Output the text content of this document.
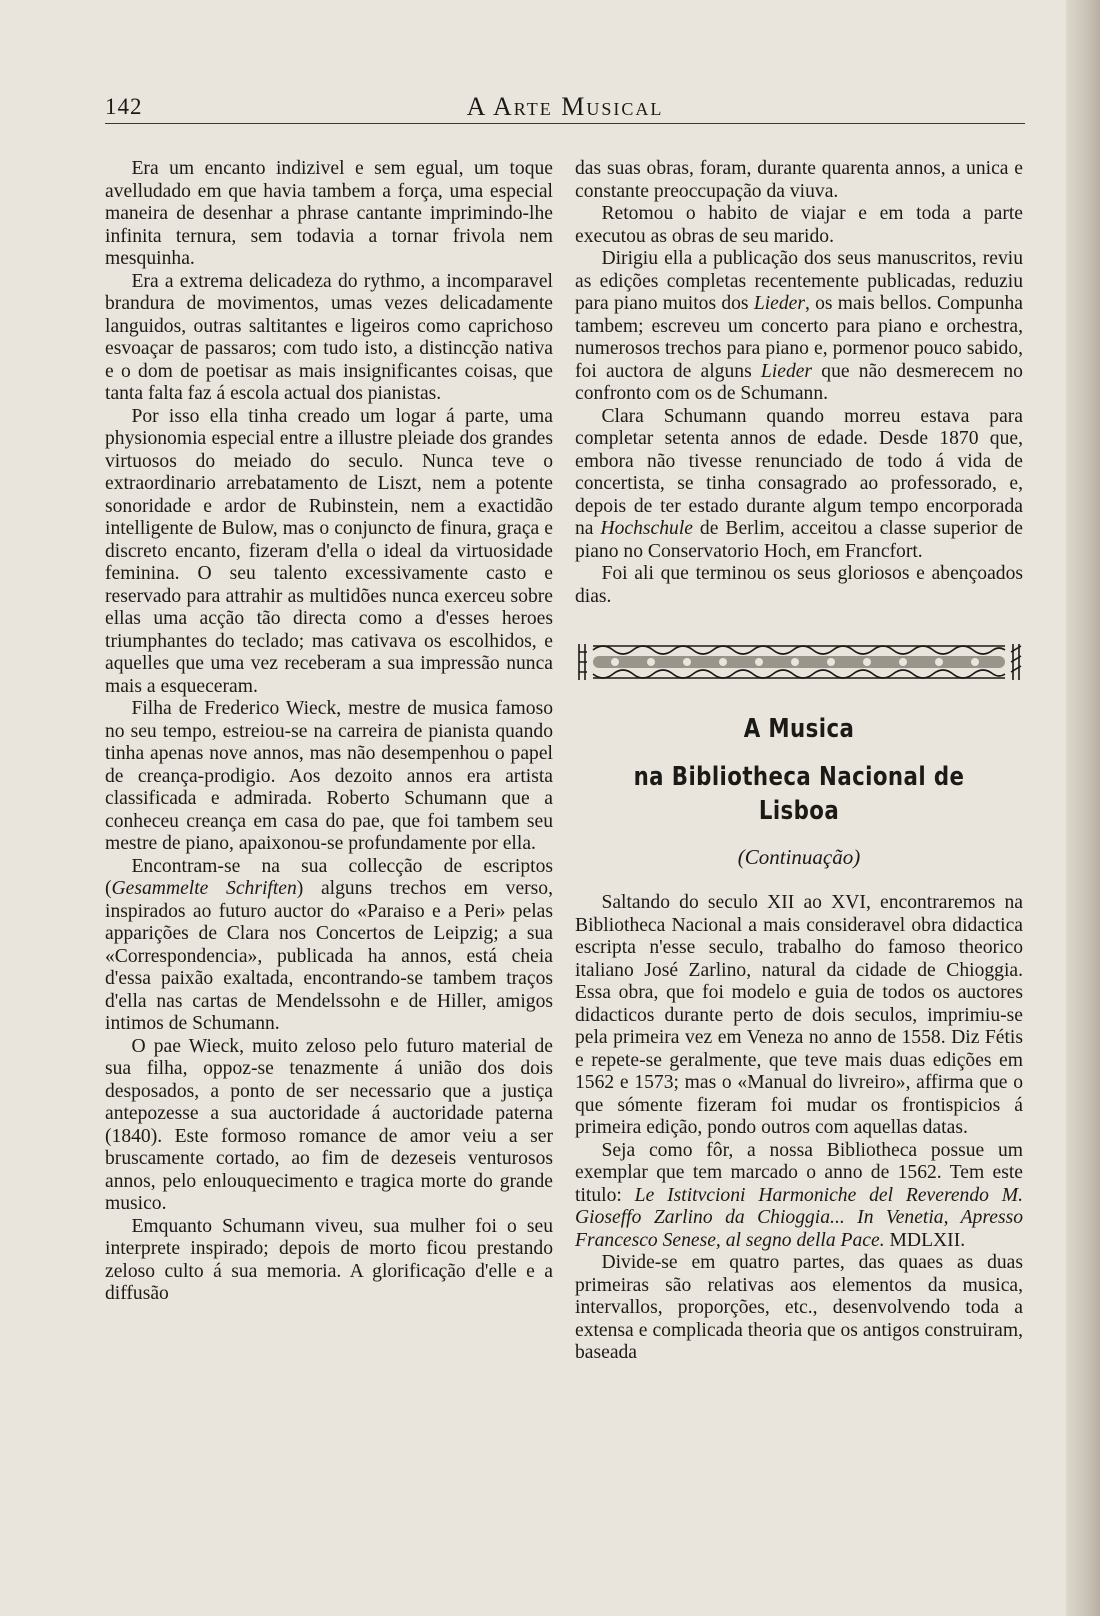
142	A Arte Musical

Era um encanto indizivel e sem egual, um toque avelludado em que havia tambem a força, uma especial maneira de desenhar a phrase cantante imprimindo-lhe infinita ternura, sem todavia a tornar frivola nem mesquinha.

Era a extrema delicadeza do rythmo, a incomparavel brandura de movimentos, umas vezes delicadamente languidos, outras saltitantes e ligeiros como caprichoso esvoaçar de passaros; com tudo isto, a distincção nativa e o dom de poetisar as mais insignificantes coisas, que tanta falta faz á escola actual dos pianistas.

Por isso ella tinha creado um logar á parte, uma physionomia especial entre a illustre pleiade dos grandes virtuosos do meiado do seculo. Nunca teve o extraordinario arrebatamento de Liszt, nem a potente sonoridade e ardor de Rubinstein, nem a exactidão intelligente de Bulow, mas o conjuncto de finura, graça e discreto encanto, fizeram d'ella o ideal da virtuosidade feminina. O seu talento excessivamente casto e reservado para attrahir as multidões nunca exerceu sobre ellas uma acção tão directa como a d'esses heroes triumphantes do teclado; mas cativava os escolhidos, e aquelles que uma vez receberam a sua impressão nunca mais a esqueceram.

Filha de Frederico Wieck, mestre de musica famoso no seu tempo, estreiou-se na carreira de pianista quando tinha apenas nove annos, mas não desempenhou o papel de creança-prodigio. Aos dezoito annos era artista classificada e admirada. Roberto Schumann que a conheceu creança em casa do pae, que foi tambem seu mestre de piano, apaixonou-se profundamente por ella.

Encontram-se na sua collecção de escriptos (Gesammelte Schriften) alguns trechos em verso, inspirados ao futuro auctor do «Paraiso e a Peri» pelas apparições de Clara nos Concertos de Leipzig; a sua «Correspondencia», publicada ha annos, está cheia d'essa paixão exaltada, encontrando-se tambem traços d'ella nas cartas de Mendelssohn e de Hiller, amigos intimos de Schumann.

O pae Wieck, muito zeloso pelo futuro material de sua filha, oppoz-se tenazmente á união dos dois desposados, a ponto de ser necessario que a justiça antepozesse a sua auctoridade á auctoridade paterna (1840). Este formoso romance de amor veiu a ser bruscamente cortado, ao fim de dezeseis venturosos annos, pelo enlouquecimento e tragica morte do grande musico.

Emquanto Schumann viveu, sua mulher foi o seu interprete inspirado; depois de morto ficou prestando zeloso culto á sua memoria. A glorificação d'elle e a diffusão

das suas obras, foram, durante quarenta annos, a unica e constante preoccupação da viuva.

Retomou o habito de viajar e em toda a parte executou as obras de seu marido.

Dirigiu ella a publicação dos seus manuscritos, reviu as edições completas recentemente publicadas, reduziu para piano muitos dos Lieder, os mais bellos. Compunha tambem; escreveu um concerto para piano e orchestra, numerosos trechos para piano e, pormenor pouco sabido, foi auctora de alguns Lieder que não desmerecem no confronto com os de Schumann.

Clara Schumann quando morreu estava para completar setenta annos de edade. Desde 1870 que, embora não tivesse renunciado de todo á vida de concertista, se tinha consagrado ao professorado, e, depois de ter estado durante algum tempo encorporada na Hochschule de Berlim, acceitou a classe superior de piano no Conservatorio Hoch, em Francfort.

Foi ali que terminou os seus gloriosos e abençoados dias.

A Musica
na Bibliotheca Nacional de Lisboa
(Continuação)

Saltando do seculo XII ao XVI, encontraremos na Bibliotheca Nacional a mais consideravel obra didactica escripta n'esse seculo, trabalho do famoso theorico italiano José Zarlino, natural da cidade de Chioggia. Essa obra, que foi modelo e guia de todos os auctores didacticos durante perto de dois seculos, imprimiu-se pela primeira vez em Veneza no anno de 1558. Diz Fétis e repete-se geralmente, que teve mais duas edições em 1562 e 1573; mas o «Manual do livreiro», affirma que o que sómente fizeram foi mudar os frontispicios á primeira edição, pondo outros com aquellas datas.

Seja como fôr, a nossa Bibliotheca possue um exemplar que tem marcado o anno de 1562. Tem este titulo: Le Istitvcioni Harmoniche del Reverendo M. Gioseffo Zarlino da Chioggia... In Venetia, Apresso Francesco Senese, al segno della Pace. MDLXII.

Divide-se em quatro partes, das quaes as duas primeiras são relativas aos elementos da musica, intervallos, proporções, etc., desenvolvendo toda a extensa e complicada theoria que os antigos construiram, baseada
